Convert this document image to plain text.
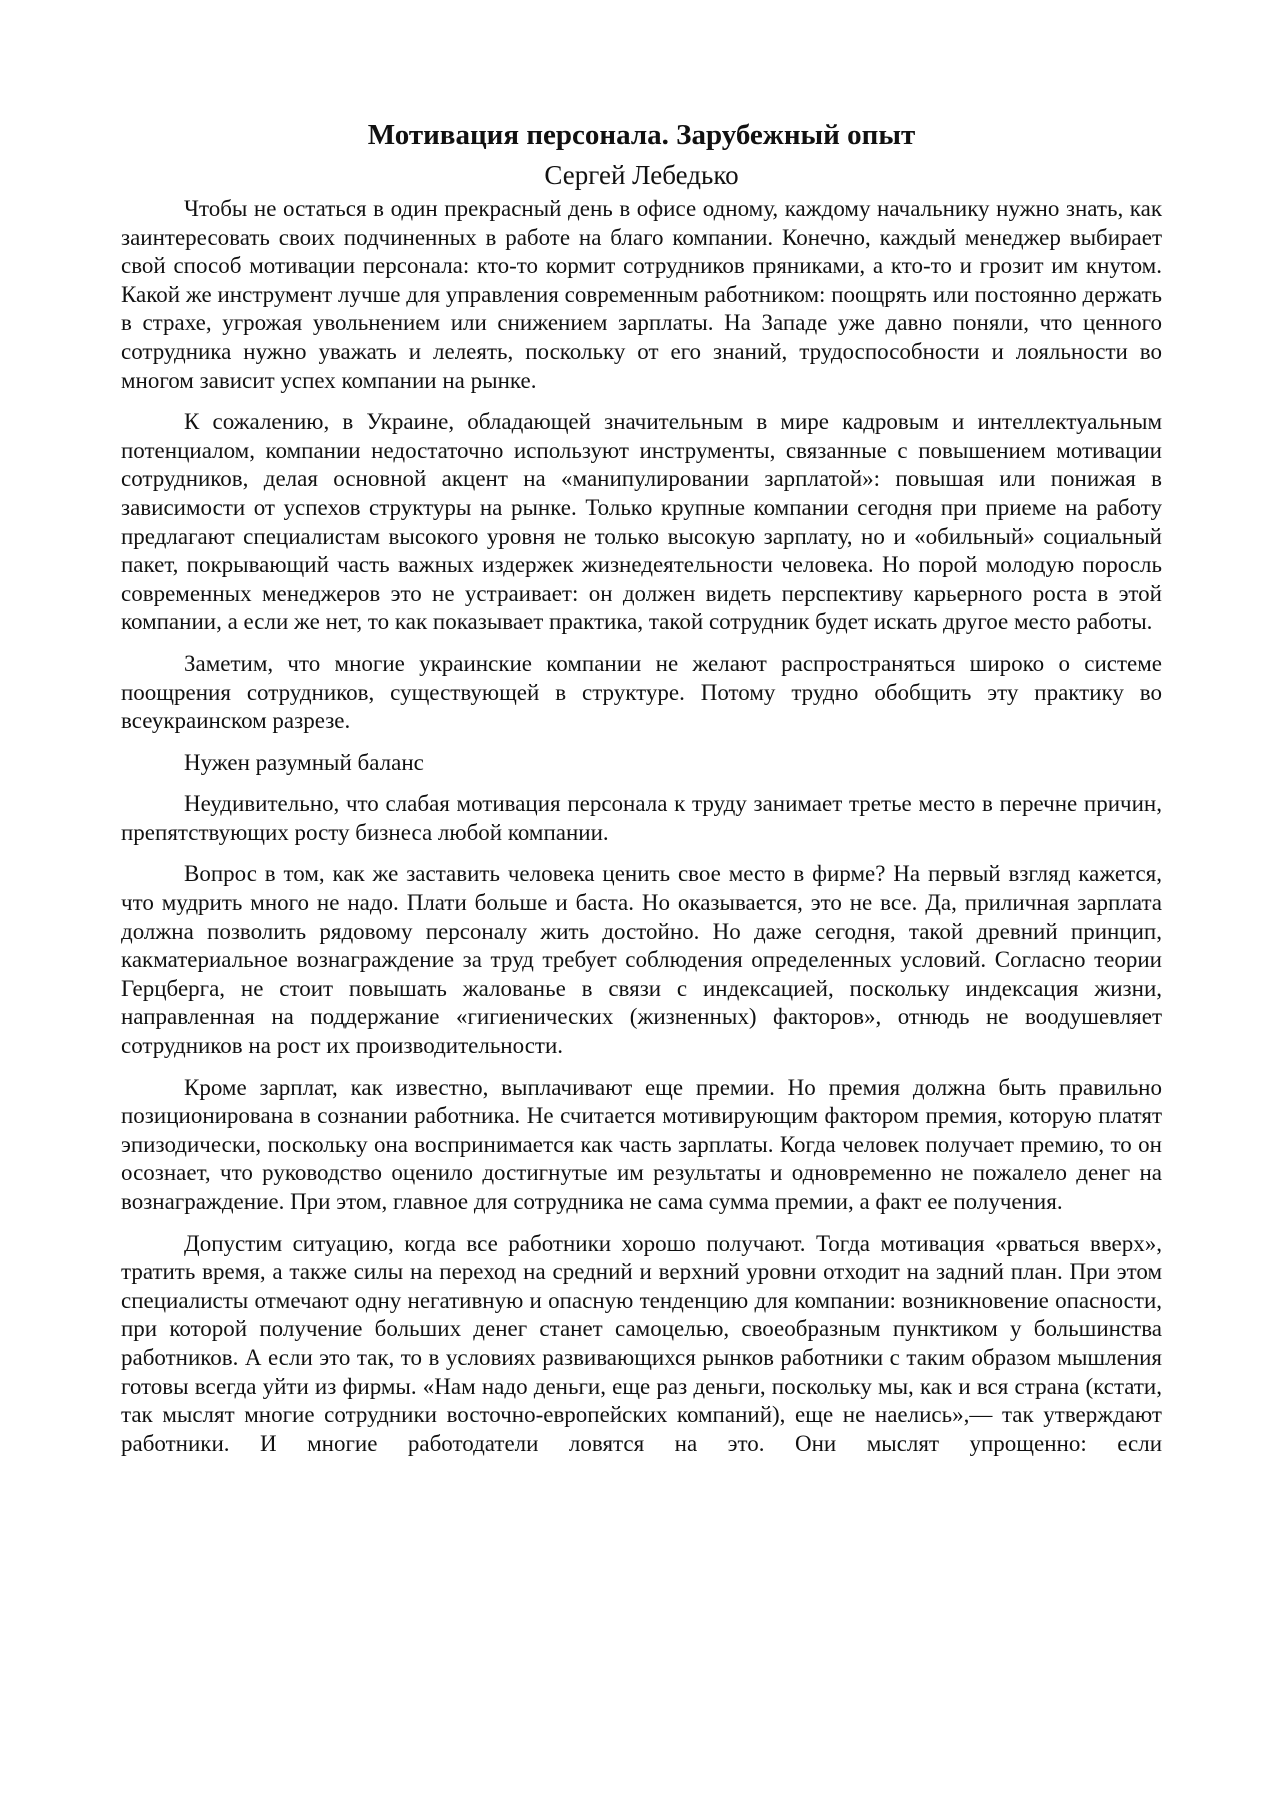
Мотивация персонала. Зарубежный опыт
Сергей Лебедько

Чтобы не остаться в один прекрасный день в офисе одному, каждому начальнику нужно знать, как заинтересовать своих подчиненных в работе на благо компании. Конечно, каждый менеджер выбирает свой способ мотивации персонала: кто-то кормит сотрудников пряниками, а кто-то и грозит им кнутом. Какой же инструмент лучше для управления современным работником: поощрять или постоянно держать в страхе, угрожая увольнением или снижением зарплаты. На Западе уже давно поняли, что ценного сотрудника нужно уважать и лелеять, поскольку от его знаний, трудоспособности и лояльности во многом зависит успех компании на рынке.

К сожалению, в Украине, обладающей значительным в мире кадровым и интеллектуальным потенциалом, компании недостаточно используют инструменты, связанные с повышением мотивации сотрудников, делая основной акцент на «манипулировании зарплатой»: повышая или понижая в зависимости от успехов структуры на рынке. Только крупные компании сегодня при приеме на работу предлагают специалистам высокого уровня не только высокую зарплату, но и «обильный» социальный пакет, покрывающий часть важных издержек жизнедеятельности человека. Но порой молодую поросль современных менеджеров это не устраивает: он должен видеть перспективу карьерного роста в этой компании, а если же нет, то как показывает практика, такой сотрудник будет искать другое место работы.

Заметим, что многие украинские компании не желают распространяться широко о системе поощрения сотрудников, существующей в структуре. Потому трудно обобщить эту практику во всеукраинском разрезе.

Нужен разумный баланс

Неудивительно, что слабая мотивация персонала к труду занимает третье место в перечне причин, препятствующих росту бизнеса любой компании.

Вопрос в том, как же заставить человека ценить свое место в фирме? На первый взгляд кажется, что мудрить много не надо. Плати больше и баста. Но оказывается, это не все. Да, приличная зарплата должна позволить рядовому персоналу жить достойно. Но даже сегодня, такой древний принцип, какматериальное вознаграждение за труд требует соблюдения определенных условий. Согласно теории Герцберга, не стоит повышать жалованье в связи с индексацией, поскольку индексация жизни, направленная на поддержание «гигиенических (жизненных) факторов», отнюдь не воодушевляет сотрудников на рост их производительности.

Кроме зарплат, как известно, выплачивают еще премии. Но премия должна быть правильно позиционирована в сознании работника. Не считается мотивирующим фактором премия, которую платят эпизодически, поскольку она воспринимается как часть зарплаты. Когда человек получает премию, то он осознает, что руководство оценило достигнутые им результаты и одновременно не пожалело денег на вознаграждение. При этом, главное для сотрудника не сама сумма премии, а факт ее получения.

Допустим ситуацию, когда все работники хорошо получают. Тогда мотивация «рваться вверх», тратить время, а также силы на переход на средний и верхний уровни отходит на задний план. При этом специалисты отмечают одну негативную и опасную тенденцию для компании: возникновение опасности, при которой получение больших денег станет самоцелью, своеобразным пунктиком у большинства работников. А если это так, то в условиях развивающихся рынков работники с таким образом мышления готовы всегда уйти из фирмы. «Нам надо деньги, еще раз деньги, поскольку мы, как и вся страна (кстати, так мыслят многие сотрудники восточно-европейских компаний), еще не наелись»,— так утверждают работники. И многие работодатели ловятся на это. Они мыслят упрощенно: если
